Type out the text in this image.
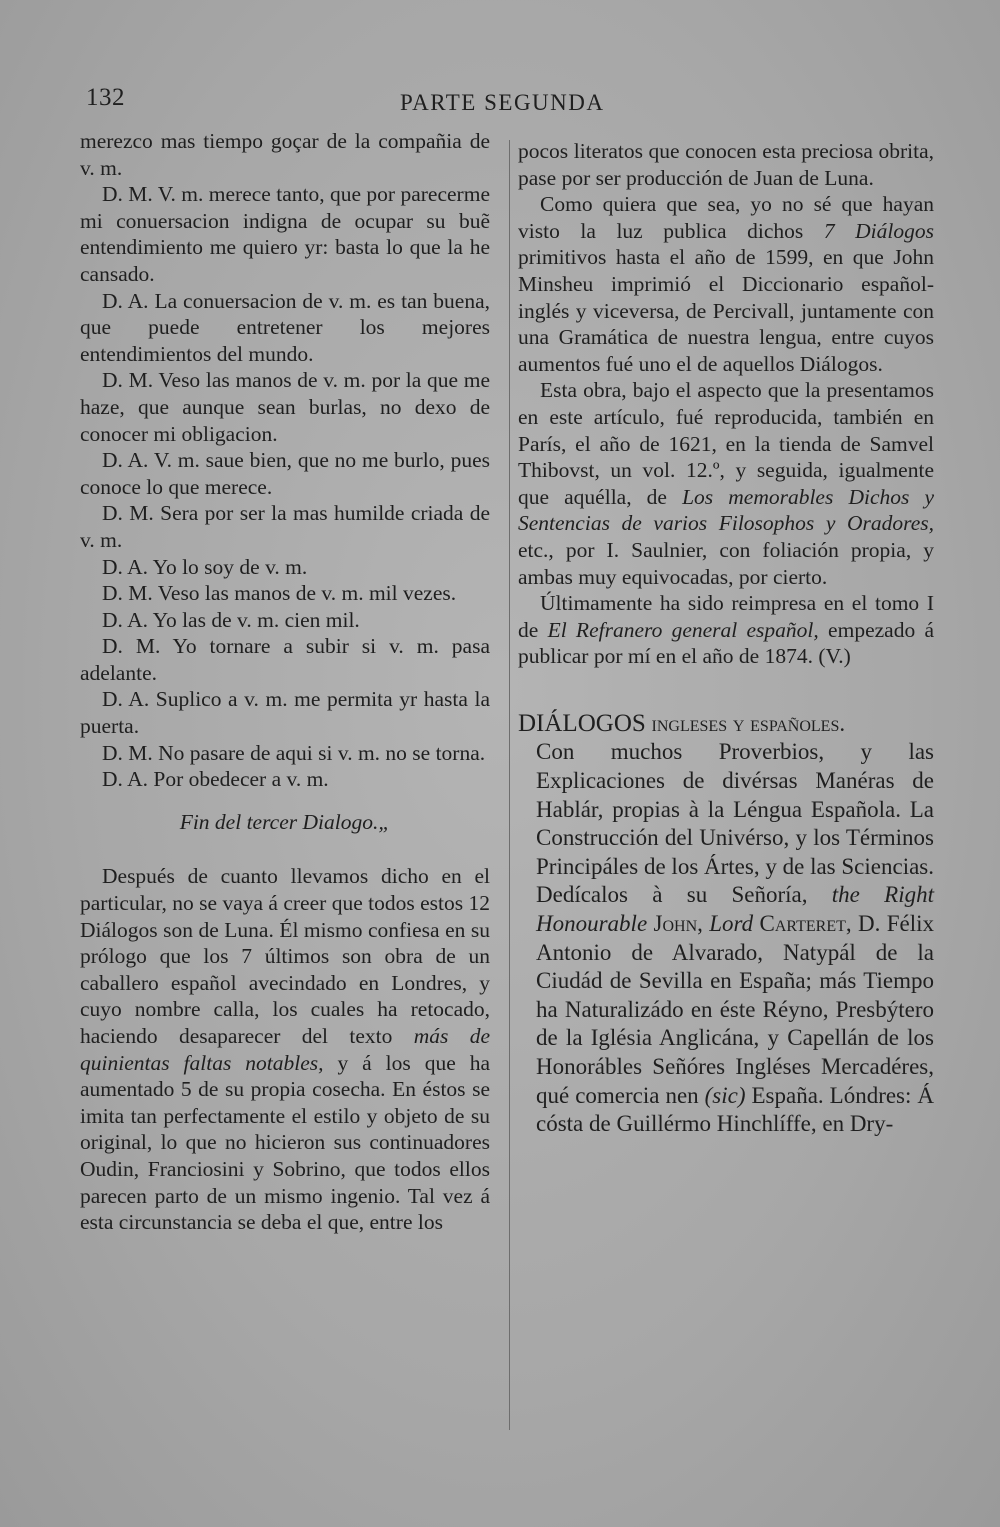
132	PARTE SEGUNDA

merezco mas tiempo goçar de la compañia de v. m.

D. M. V. m. merece tanto, que por parecerme mi conuersacion indigna de ocupar su buẽ entendimiento me quiero yr: basta lo que la he cansado.

D. A. La conuersacion de v. m. es tan buena, que puede entretener los mejores entendimientos del mundo.

D. M. Veso las manos de v. m. por la que me haze, que aunque sean burlas, no dexo de conocer mi obligacion.

D. A. V. m. saue bien, que no me burlo, pues conoce lo que merece.

D. M. Sera por ser la mas humilde criada de v. m.

D. A. Yo lo soy de v. m.

D. M. Veso las manos de v. m. mil vezes.

D. A. Yo las de v. m. cien mil.

D. M. Yo tornare a subir si v. m. pasa adelante.

D. A. Suplico a v. m. me permita yr hasta la puerta.

D. M. No pasare de aqui si v. m. no se torna.

D. A. Por obedecer a v. m.

Fin del tercer Dialogo.„

Después de cuanto llevamos dicho en el particular, no se vaya á creer que todos estos 12 Diálogos son de Luna. Él mismo confiesa en su prólogo que los 7 últimos son obra de un caballero español avecindado en Londres, y cuyo nombre calla, los cuales ha retocado, haciendo desaparecer del texto más de quinientas faltas notables, y á los que ha aumentado 5 de su propia cosecha. En éstos se imita tan perfectamente el estilo y objeto de su original, lo que no hicieron sus continuadores Oudin, Franciosini y Sobrino, que todos ellos parecen parto de un mismo ingenio. Tal vez á esta circunstancia se deba el que, entre los

pocos literatos que conocen esta preciosa obrita, pase por ser producción de Juan de Luna.

Como quiera que sea, yo no sé que hayan visto la luz publica dichos 7 Diálogos primitivos hasta el año de 1599, en que John Minsheu imprimió el Diccionario español-inglés y viceversa, de Percivall, juntamente con una Gramática de nuestra lengua, entre cuyos aumentos fué uno el de aquellos Diálogos.

Esta obra, bajo el aspecto que la presentamos en este artículo, fué reproducida, también en París, el año de 1621, en la tienda de Samvel Thibovst, un vol. 12.º, y seguida, igualmente que aquélla, de Los memorables Dichos y Sentencias de varios Filosophos y Oradores, etc., por I. Saulnier, con foliación propia, y ambas muy equivocadas, por cierto.

Últimamente ha sido reimpresa en el tomo I de El Refranero general español, empezado á publicar por mí en el año de 1874. (V.)

DIÁLOGOS ingleses y españoles.

Con muchos Proverbios, y las Explicaciones de divérsas Manéras de Hablár, propias à la Léngua Española. La Construcción del Univérso, y los Términos Principáles de los Ártes, y de las Sciencias. Dedícalos à su Señoría, the Right Honourable John, Lord Carteret, D. Félix Antonio de Alvarado, Natурál de la Ciudád de Sevilla en España; más Tiempo ha Naturalizádo en éste Réyno, Presbýtero de la Iglésia Anglicána, y Capellán de los Honorábles Señóres Ingléses Mercadéres, qué comercia nen (sic) España. Lóndres: Á cósta de Guillérmo Hinchlíffe, en Dry-
